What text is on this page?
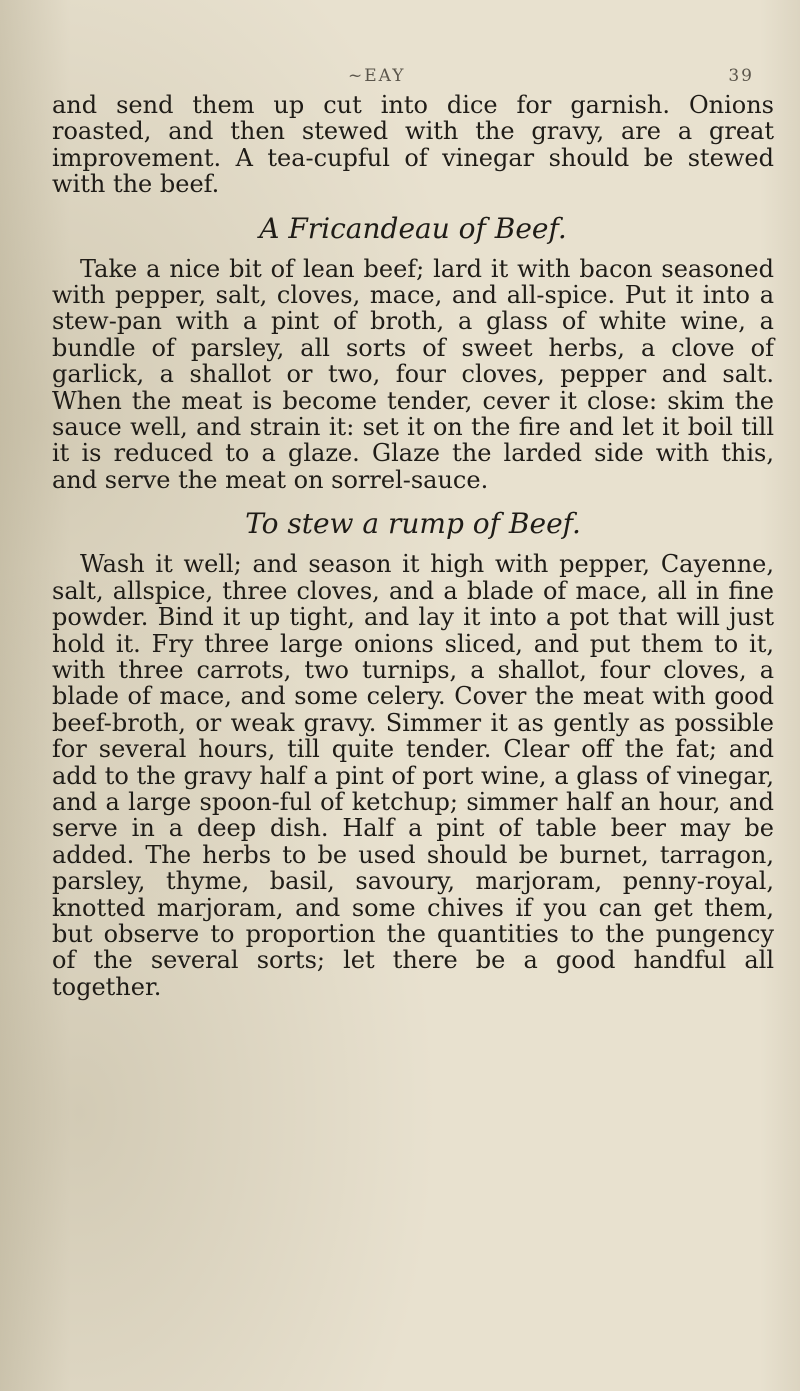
~EAY	39

and send them up cut into dice for garnish. Onions roasted, and then stewed with the gravy, are a great improvement. A tea-cupful of vinegar should be stewed with the beef.

A Fricandeau of Beef.

Take a nice bit of lean beef; lard it with bacon seasoned with pepper, salt, cloves, mace, and all-spice. Put it into a stew-pan with a pint of broth, a glass of white wine, a bundle of parsley, all sorts of sweet herbs, a clove of garlick, a shallot or two, four cloves, pepper and salt. When the meat is become tender, cever it close: skim the sauce well, and strain it: set it on the fire and let it boil till it is reduced to a glaze. Glaze the larded side with this, and serve the meat on sorrel-sauce.

To stew a rump of Beef.

Wash it well; and season it high with pepper, Cayenne, salt, allspice, three cloves, and a blade of mace, all in fine powder. Bind it up tight, and lay it into a pot that will just hold it. Fry three large onions sliced, and put them to it, with three carrots, two turnips, a shallot, four cloves, a blade of mace, and some celery. Cover the meat with good beef-broth, or weak gravy. Simmer it as gently as possible for several hours, till quite tender. Clear off the fat; and add to the gravy half a pint of port wine, a glass of vinegar, and a large spoon-ful of ketchup; simmer half an hour, and serve in a deep dish. Half a pint of table beer may be added. The herbs to be used should be burnet, tarragon, parsley, thyme, basil, savoury, marjoram, penny-royal, knotted marjoram, and some chives if you can get them, but observe to proportion the quantities to the pungency of the several sorts; let there be a good handful all together.
